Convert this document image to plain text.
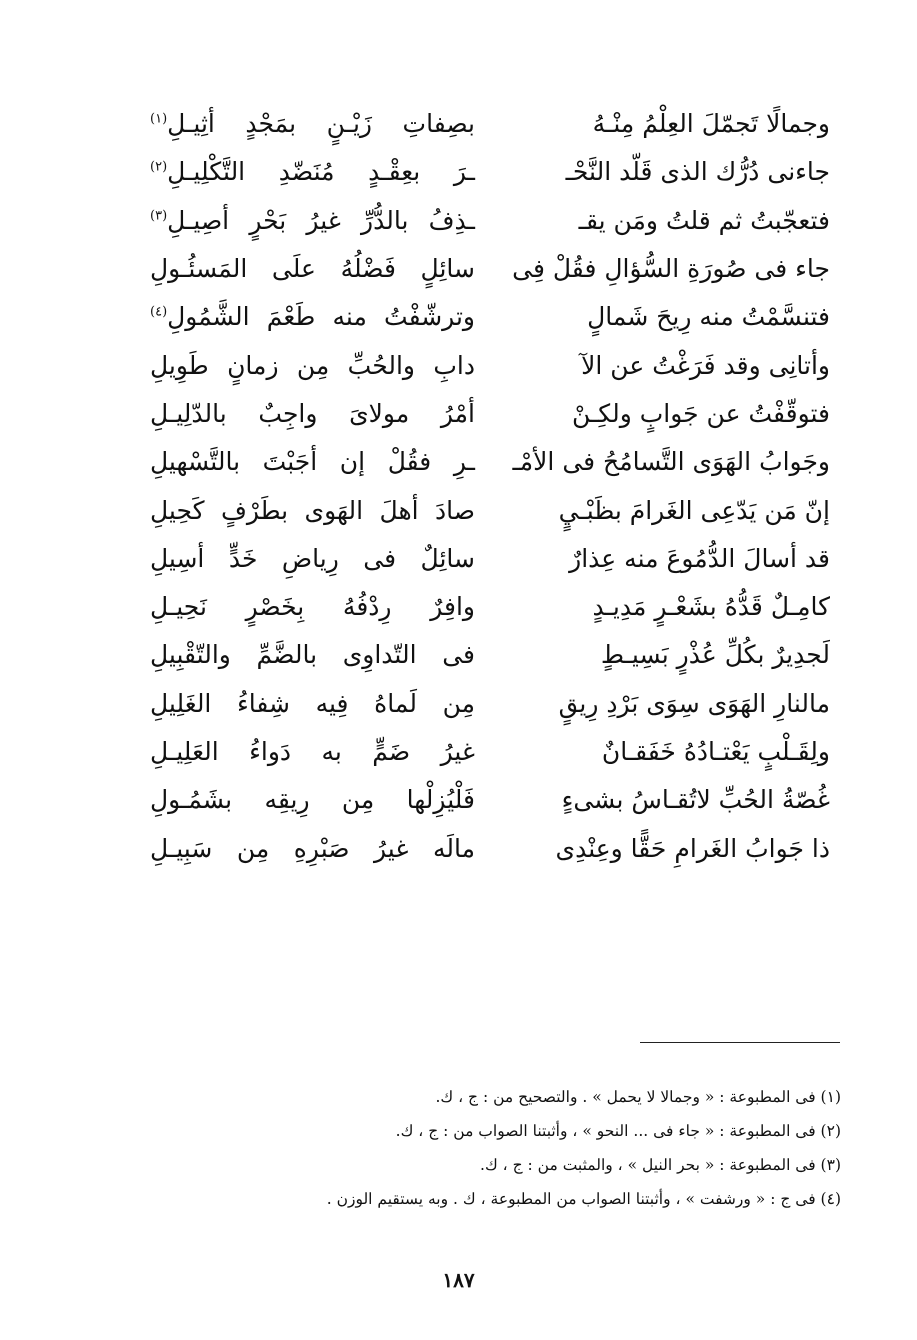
وجمالًا تَجمّلَ العِلْمُ مِنْـهُ
بصِفاتِ زَيْـنٍ بمَجْدٍ أثِيـلِ$^{(١)}$
جاءنى دُرُّك الذى قَلّد النَّحْـ
ـرَ بعِقْـدٍ مُنَضّدِ التَّكْلِيـلِ$^{(٢)}$
فتعجّبتُ ثم قلتُ ومَن يقـ
ـذِفُ بالدُّرِّ غيرُ بَحْرٍ أصِيـلِ$^{(٣)}$
جاء فى صُورَةِ السُّؤالِ فقُلْ فِى
سائِلٍ فَضْلُهُ علَى المَسئُـولِ
فتنسَّمْتُ منه رِيحَ شَمالٍ
وترشّفْتُ منه طَعْمَ الشَّمُولِ$^{(٤)}$
وأتانِى وقد فَرَغْتُ عن الآ
دابِ والحُبِّ مِن زمانٍ طَوِيلِ
فتوقّفْتُ عن جَوابٍ ولكِـنْ
أمْرُ مولاىَ واجِبٌ بالدّلِيـلِ
وجَوابُ الهَوَى التَّسامُحُ فى الأمْـ
ـرِ فقُلْ إن أجَبْتَ بالتَّسْهيلِ
إنّ مَن يَدّعِى الغَرامَ بظَبْـيٍ
صادَ أهلَ الهَوى بطَرْفٍ كَحِيلِ
قد أسالَ الدُّمُوعَ منه عِذارٌ
سائِلٌ فى رِياضِ خَدٍّ أسِيلِ
كامِـلٌ قَدُّهُ بشَعْـرٍ مَدِيـدٍ
وافِرٌ رِدْفُهُ بِخَصْرٍ نَحِيـلِ
لَجدِيرٌ بكُلِّ عُذْرٍ بَسِيـطٍ
فى التّداوِى بالضَّمِّ والتّقْبِيلِ
مالنارِ الهَوَى سِوَى بَرْدِ رِيقٍ
مِن لَماهُ فِيه شِفاءُ الغَلِيلِ
ولِقَـلْبٍ يَعْتـادُهُ خَفَقـانٌ
غيرُ ضَمٍّ به دَواءُ العَلِيـلِ
غُصّةُ الحُبِّ لاتُقـاسُ بشىءٍ
فَلْيُزِلْها مِن رِيقِه بشَمُـولِ
ذا جَوابُ الغَرامِ حَقًّا وعِنْدِى
مالَه غيرُ صَبْرِهِ مِن سَبِيـلِ
(١) فى المطبوعة : « وجمالا لا يحمل » . والتصحيح من : ج ، ك.
(٢) فى المطبوعة : « جاء فى ... النحو » ، وأثبتنا الصواب من : ج ، ك.
(٣) فى المطبوعة : « بحر النيل » ، والمثبت من : ج ، ك.
(٤) فى ج : « ورشفت » ، وأثبتنا الصواب من المطبوعة ، ك . وبه يستقيم الوزن .
١٨٧
